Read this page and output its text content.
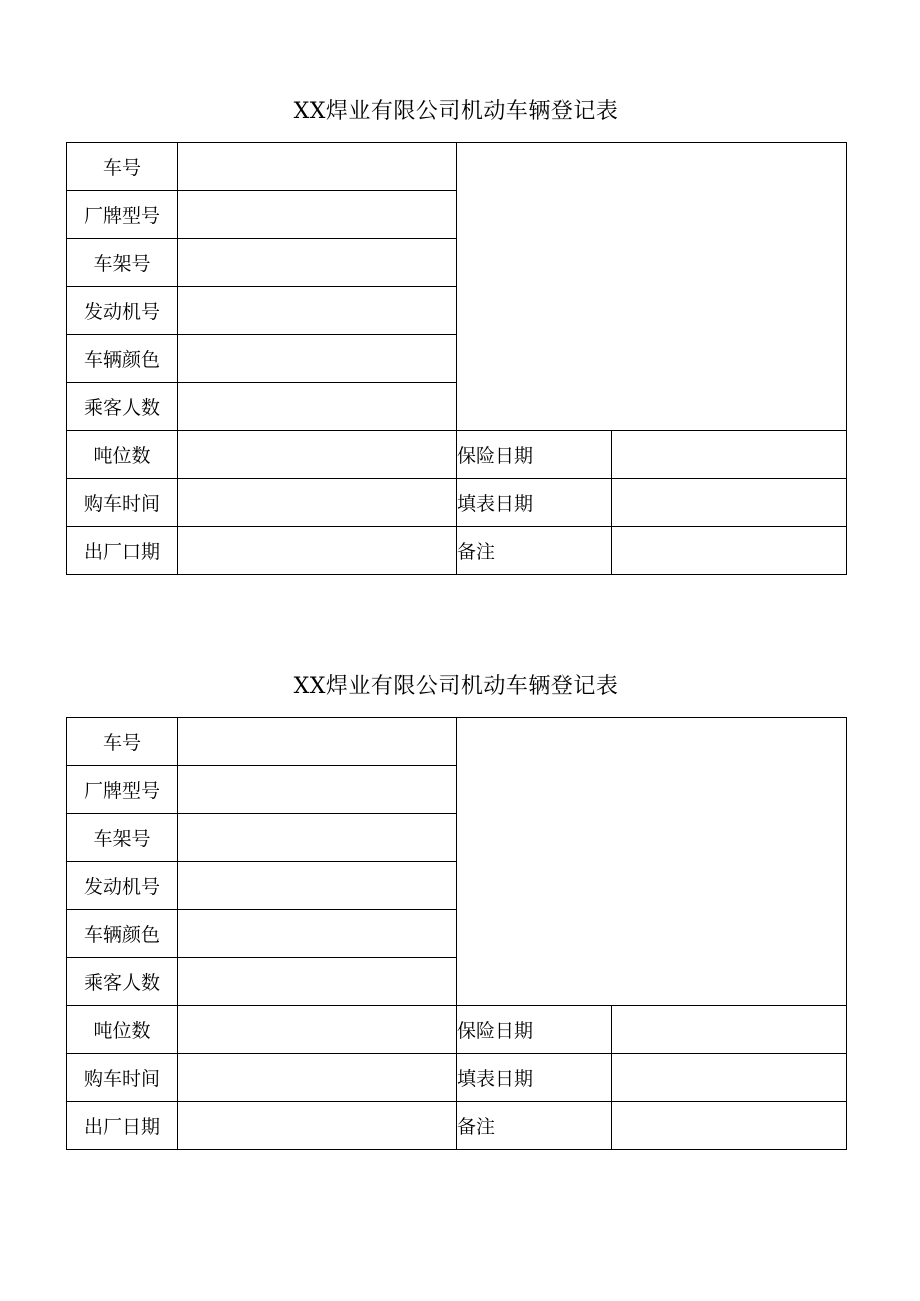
XX焊业有限公司机动车辆登记表
车号			
厂牌型号			
车架号			
发动机号			
车辆颜色			
乘客人数			
吨位数		保险日期	
购车时间		填表日期	
出厂口期		备注	
XX焊业有限公司机动车辆登记表
车号			
厂牌型号			
车架号			
发动机号			
车辆颜色			
乘客人数			
吨位数		保险日期	
购车时间		填表日期	
出厂日期		备注	
